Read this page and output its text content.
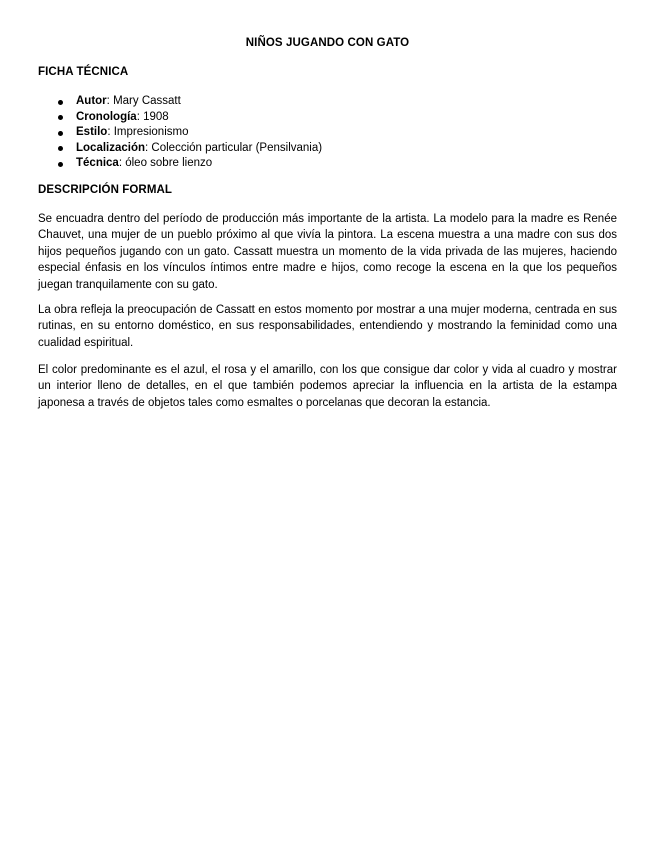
NIÑOS JUGANDO CON GATO
FICHA TÉCNICA
Autor: Mary Cassatt
Cronología: 1908
Estilo: Impresionismo
Localización: Colección particular (Pensilvania)
Técnica: óleo sobre lienzo
DESCRIPCIÓN FORMAL

Se encuadra dentro del período de producción más importante de la artista. La modelo para la madre es Renée Chauvet, una mujer de un pueblo próximo al que vivía la pintora. La escena muestra a una madre con sus dos hijos pequeños jugando con un gato. Cassatt muestra un momento de la vida privada de las mujeres, haciendo especial énfasis en los vínculos íntimos entre madre e hijos, como recoge la escena en la que los pequeños juegan tranquilamente con su gato.

La obra refleja la preocupación de Cassatt en estos momento por mostrar a una mujer moderna, centrada en sus rutinas, en su entorno doméstico, en sus responsabilidades, entendiendo y mostrando la feminidad como una cualidad espiritual.

El color predominante es el azul, el rosa y el amarillo, con los que consigue dar color y vida al cuadro y mostrar un interior lleno de detalles, en el que también podemos apreciar la influencia en la artista de la estampa japonesa a través de objetos tales como esmaltes o porcelanas que decoran la estancia.
